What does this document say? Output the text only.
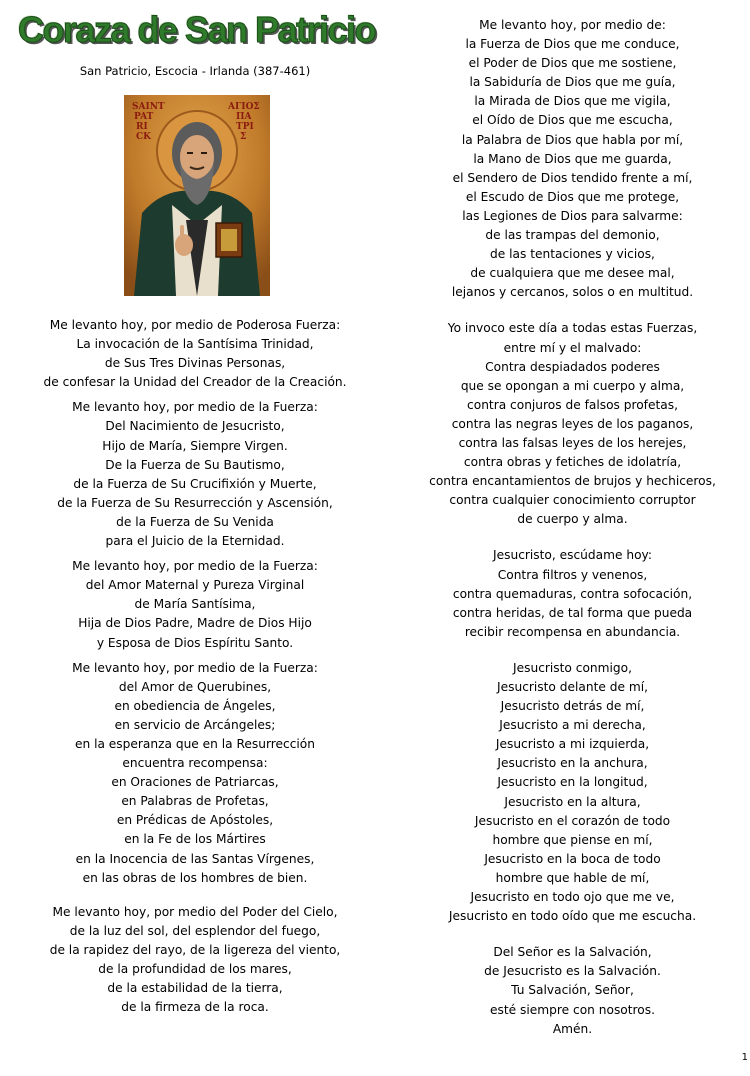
Coraza de San Patricio
San Patricio, Escocia - Irlanda (387-461)
SAINT
PAT
RI
CK
ΑΓΙΟΣ
ΠΑ
ΤΡΙ
Σ
Me levanto hoy, por medio de Poderosa Fuerza:
La invocación de la Santísima Trinidad,
de Sus Tres Divinas Personas,
de confesar la Unidad del Creador de la Creación.
Me levanto hoy, por medio de la Fuerza:
Del Nacimiento de Jesucristo,
Hijo de María, Siempre Virgen.
De la Fuerza de Su Bautismo,
de la Fuerza de Su Crucifixión y Muerte,
de la Fuerza de Su Resurrección y Ascensión,
de la Fuerza de Su Venida
para el Juicio de la Eternidad.
Me levanto hoy, por medio de la Fuerza:
del Amor Maternal y Pureza Virginal
de María Santísima,
Hija de Dios Padre, Madre de Dios Hijo
y Esposa de Dios Espíritu Santo.
Me levanto hoy, por medio de la Fuerza:
del Amor de Querubines,
en obediencia de Ángeles,
en servicio de Arcángeles;
en la esperanza que en la Resurrección
encuentra recompensa:
en Oraciones de Patriarcas,
en Palabras de Profetas,
en Prédicas de Apóstoles,
en la Fe de los Mártires
en la Inocencia de las Santas Vírgenes,
en las obras de los hombres de bien.
Me levanto hoy, por medio del Poder del Cielo,
de la luz del sol, del esplendor del fuego,
de la rapidez del rayo, de la ligereza del viento,
de la profundidad de los mares,
de la estabilidad de la tierra,
de la firmeza de la roca.
Me levanto hoy, por medio de:
la Fuerza de Dios que me conduce,
el Poder de Dios que me sostiene,
la Sabiduría de Dios que me guía,
la Mirada de Dios que me vigila,
el Oído de Dios que me escucha,
la Palabra de Dios que habla por mí,
la Mano de Dios que me guarda,
el Sendero de Dios tendido frente a mí,
el Escudo de Dios que me protege,
las Legiones de Dios para salvarme:
de las trampas del demonio,
de las tentaciones y vicios,
de cualquiera que me desee mal,
lejanos y cercanos, solos o en multitud.
Yo invoco este día a todas estas Fuerzas,
entre mí y el malvado:
Contra despiadados poderes
que se opongan a mi cuerpo y alma,
contra conjuros de falsos profetas,
contra las negras leyes de los paganos,
contra las falsas leyes de los herejes,
contra obras y fetiches de idolatría,
contra encantamientos de brujos y hechiceros,
contra cualquier conocimiento corruptor
de cuerpo y alma.
Jesucristo, escúdame hoy:
Contra filtros y venenos,
contra quemaduras, contra sofocación,
contra heridas, de tal forma que pueda
recibir recompensa en abundancia.
Jesucristo conmigo,
Jesucristo delante de mí,
Jesucristo detrás de mí,
Jesucristo a mi derecha,
Jesucristo a mi izquierda,
Jesucristo en la anchura,
Jesucristo en la longitud,
Jesucristo en la altura,
Jesucristo en el corazón de todo
hombre que piense en mí,
Jesucristo en la boca de todo
hombre que hable de mí,
Jesucristo en todo ojo que me ve,
Jesucristo en todo oído que me escucha.
Del Señor es la Salvación,
de Jesucristo es la Salvación.
Tu Salvación, Señor,
esté siempre con nosotros.
Amén.
1
